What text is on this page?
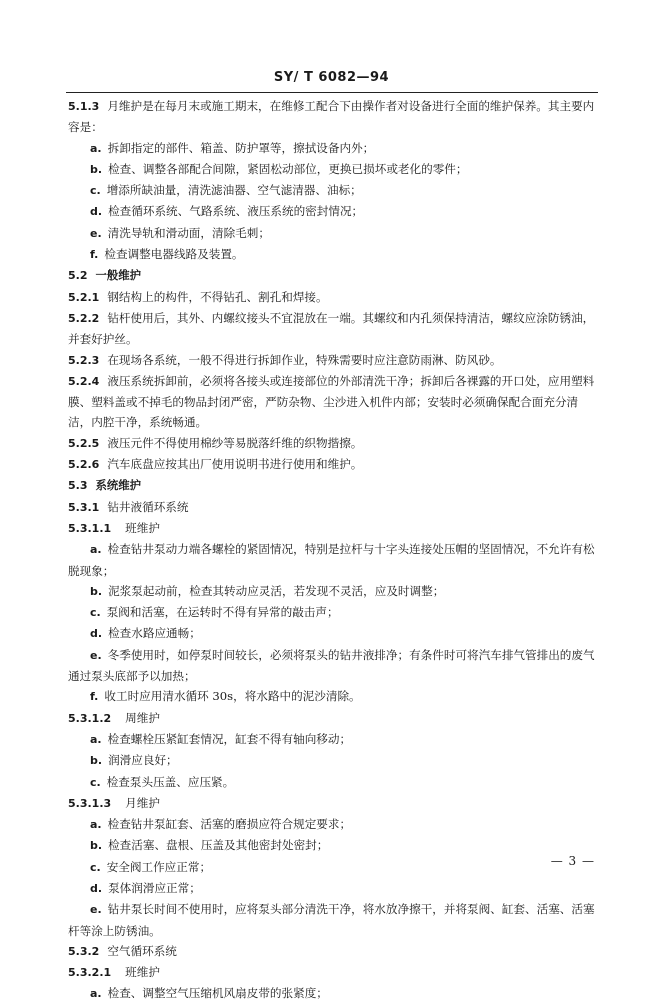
SY/ T 6082—94

5.1.3 月维护是在每月末或施工期末，在维修工配合下由操作者对设备进行全面的维护保养。其主要内容是：

a. 拆卸指定的部件、箱盖、防护罩等，擦拭设备内外；

b. 检查、调整各部配合间隙，紧固松动部位，更换已损坏或老化的零件；

c. 增添所缺油量，清洗滤油器、空气滤清器、油标；

d. 检查循环系统、气路系统、液压系统的密封情况；

e. 清洗导轨和滑动面，清除毛刺；

f. 检查调整电器线路及装置。

5.2 一般维护

5.2.1 钢结构上的构件，不得钻孔、割孔和焊接。

5.2.2 钻杆使用后，其外、内螺纹接头不宜混放在一端。其螺纹和内孔须保持清洁，螺纹应涂防锈油，并套好护丝。

5.2.3 在现场各系统，一般不得进行拆卸作业，特殊需要时应注意防雨淋、防风砂。

5.2.4 液压系统拆卸前，必须将各接头或连接部位的外部清洗干净；拆卸后各裸露的开口处，应用塑料膜、塑料盖或不掉毛的物品封闭严密，严防杂物、尘沙进入机件内部；安装时必须确保配合面充分清洁，内腔干净，系统畅通。

5.2.5 液压元件不得使用棉纱等易脱落纤维的织物揩擦。

5.2.6 汽车底盘应按其出厂使用说明书进行使用和维护。

5.3 系统维护

5.3.1 钻井液循环系统

5.3.1.1 班维护

a. 检查钻井泵动力端各螺栓的紧固情况，特别是拉杆与十字头连接处压帽的坚固情况，不允许有松脱现象；

b. 泥浆泵起动前，检查其转动应灵活，若发现不灵活，应及时调整；

c. 泵阀和活塞，在运转时不得有异常的敲击声；

d. 检查水路应通畅；

e. 冬季使用时，如停泵时间较长，必须将泵头的钻井液排净；有条件时可将汽车排气管排出的废气通过泵头底部予以加热；

f. 收工时应用清水循环 30s，将水路中的泥沙清除。

5.3.1.2 周维护

a. 检查螺栓压紧缸套情况，缸套不得有轴向移动；

b. 润滑应良好；

c. 检查泵头压盖、应压紧。

5.3.1.3 月维护

a. 检查钻井泵缸套、活塞的磨损应符合规定要求；

b. 检查活塞、盘根、压盖及其他密封处密封；

c. 安全阀工作应正常；

d. 泵体润滑应正常；

e. 钻井泵长时间不使用时，应将泵头部分清洗干净，将水放净擦干，并将泵阀、缸套、活塞、活塞杆等涂上防锈油。

5.3.2 空气循环系统

5.3.2.1 班维护

a. 检查、调整空气压缩机风扇皮带的张紧度；

— 3 —
